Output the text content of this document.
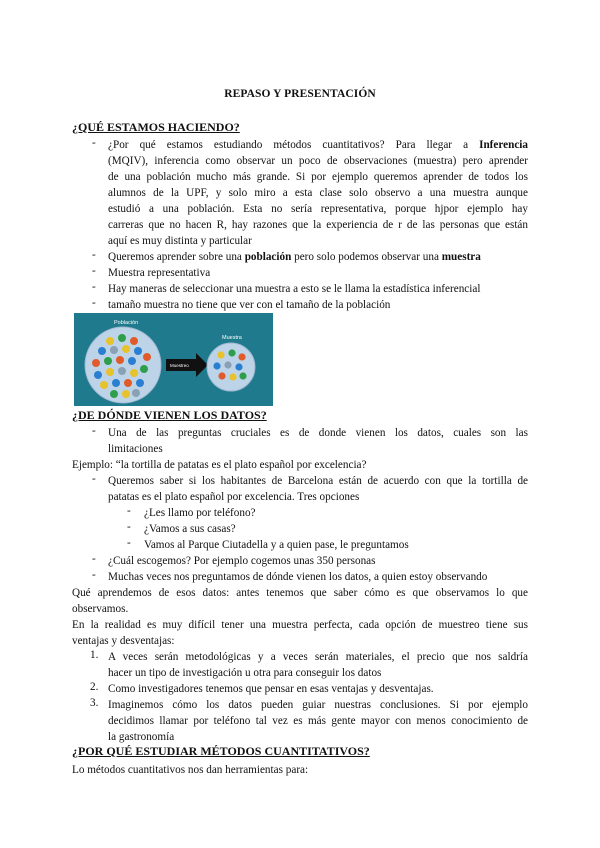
REPASO Y PRESENTACIÓN
¿QUÉ ESTAMOS HACIENDO?
- ¿Por qué estamos estudiando métodos cuantitativos? Para llegar a Inferencia
(MQIV), inferencia como observar un poco de observaciones (muestra) pero aprender
de una población mucho más grande. Si por ejemplo queremos aprender de todos los
alumnos de la UPF, y solo miro a esta clase solo observo a una muestra aunque
estudió a una población. Esta no sería representativa, porque hjpor ejemplo hay
carreras que no hacen R, hay razones que la experiencia de r de las personas que están
aquí es muy distinta y particular
- Queremos aprender sobre una población pero solo podemos observar una muestra
- Muestra representativa
- Hay maneras de seleccionar una muestra a esto se le llama la estadística inferencial
- tamaño muestra no tiene que ver con el tamaño de la población
Población
Muestra
Muestreo
¿DE DÓNDE VIENEN LOS DATOS?
- Una de las preguntas cruciales es de donde vienen los datos, cuales son las
limitaciones
Ejemplo: “la tortilla de patatas es el plato español por excelencia?
- Queremos saber si los habitantes de Barcelona están de acuerdo con que la tortilla de
patatas es el plato español por excelencia. Tres opciones
- ¿Les llamo por teléfono?
- ¿Vamos a sus casas?
- Vamos al Parque Ciutadella y a quien pase, le preguntamos
- ¿Cuál escogemos? Por ejemplo cogemos unas 350 personas
- Muchas veces nos preguntamos de dónde vienen los datos, a quien estoy observando
Qué aprendemos de esos datos: antes tenemos que saber cómo es que observamos lo que
observamos.
En la realidad es muy difícil tener una muestra perfecta, cada opción de muestreo tiene sus
ventajas y desventajas:
1. A veces serán metodológicas y a veces serán materiales, el precio que nos saldría
hacer un tipo de investigación u otra para conseguir los datos
2. Como investigadores tenemos que pensar en esas ventajas y desventajas.
3. Imaginemos cómo los datos pueden guiar nuestras conclusiones. Si por ejemplo
decidimos llamar por teléfono tal vez es más gente mayor con menos conocimiento de
la gastronomía
¿POR QUÉ ESTUDIAR MÉTODOS CUANTITATIVOS?
Lo métodos cuantitativos nos dan herramientas para:
